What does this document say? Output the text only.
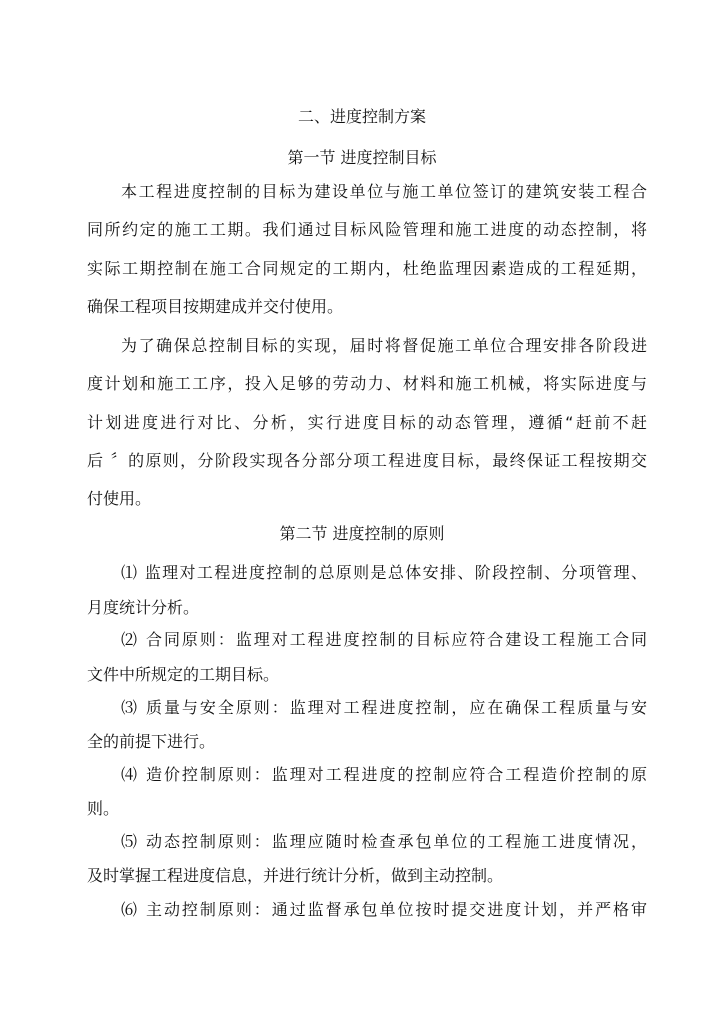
二、进度控制方案
第一节 进度控制目标
本工程进度控制的目标为建设单位与施工单位签订的建筑安装工程合
同所约定的施工工期。我们通过目标风险管理和施工进度的动态控制，将
实际工期控制在施工合同规定的工期内，杜绝监理因素造成的工程延期，
确保工程项目按期建成并交付使用。
为了确保总控制目标的实现，届时将督促施工单位合理安排各阶段进
度计划和施工工序，投入足够的劳动力、材料和施工机械，将实际进度与
计划进度进行对比、分析，实行进度目标的动态管理，遵循“赶前不赶
后 〞的原则，分阶段实现各分部分项工程进度目标，最终保证工程按期交
付使用。
第二节 进度控制的原则
⑴ 监理对工程进度控制的总原则是总体安排、阶段控制、分项管理、
月度统计分析。
⑵ 合同原则：监理对工程进度控制的目标应符合建设工程施工合同
文件中所规定的工期目标。
⑶ 质量与安全原则：监理对工程进度控制，应在确保工程质量与安
全的前提下进行。
⑷ 造价控制原则：监理对工程进度的控制应符合工程造价控制的原
则。
⑸ 动态控制原则：监理应随时检查承包单位的工程施工进度情况，
及时掌握工程进度信息，并进行统计分析，做到主动控制。
⑹ 主动控制原则：通过监督承包单位按时提交进度计划，并严格审
